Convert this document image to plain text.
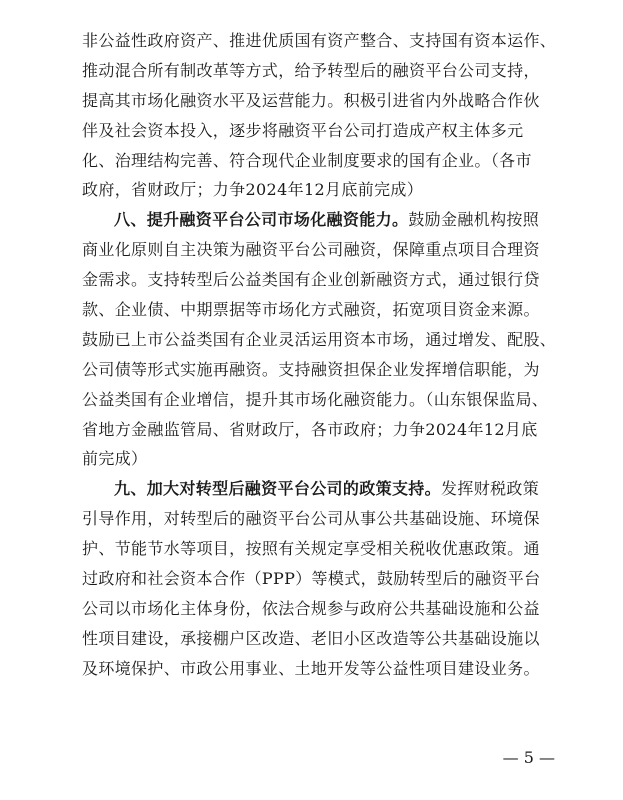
非公益性政府资产、推进优质国有资产整合、支持国有资本运作、
推动混合所有制改革等方式，给予转型后的融资平台公司支持，
提高其市场化融资水平及运营能力。积极引进省内外战略合作伙
伴及社会资本投入，逐步将融资平台公司打造成产权主体多元
化、治理结构完善、符合现代企业制度要求的国有企业。（各市
政府，省财政厅；力争2024年12月底前完成）
八、提升融资平台公司市场化融资能力。鼓励金融机构按照
商业化原则自主决策为融资平台公司融资，保障重点项目合理资
金需求。支持转型后公益类国有企业创新融资方式，通过银行贷
款、企业债、中期票据等市场化方式融资，拓宽项目资金来源。
鼓励已上市公益类国有企业灵活运用资本市场，通过增发、配股、
公司债等形式实施再融资。支持融资担保企业发挥增信职能，为
公益类国有企业增信，提升其市场化融资能力。（山东银保监局、
省地方金融监管局、省财政厅，各市政府；力争2024年12月底
前完成）
九、加大对转型后融资平台公司的政策支持。发挥财税政策
引导作用，对转型后的融资平台公司从事公共基础设施、环境保
护、节能节水等项目，按照有关规定享受相关税收优惠政策。通
过政府和社会资本合作（PPP）等模式，鼓励转型后的融资平台
公司以市场化主体身份，依法合规参与政府公共基础设施和公益
性项目建设，承接棚户区改造、老旧小区改造等公共基础设施以
及环境保护、市政公用事业、土地开发等公益性项目建设业务。
— 5 —
